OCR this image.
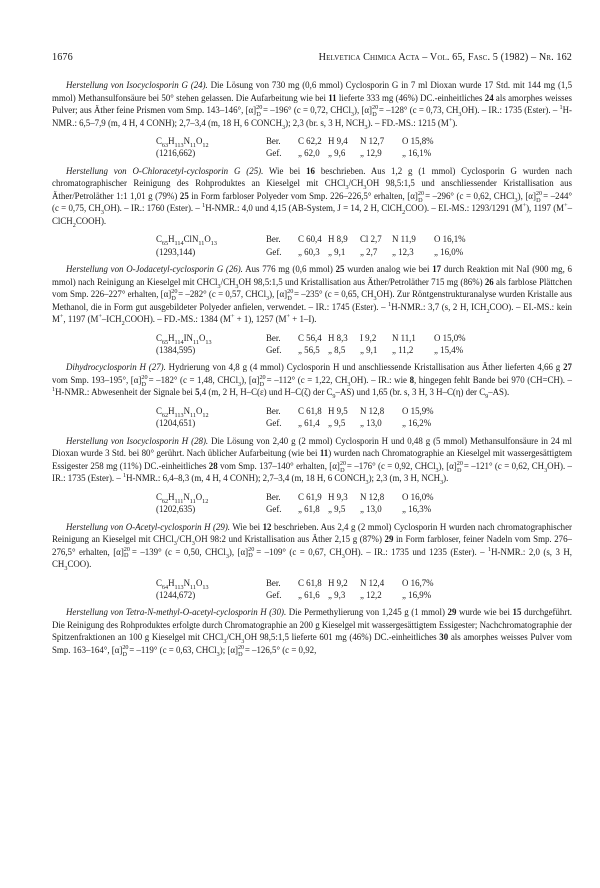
1676	Helvetica Chimica Acta – Vol. 65, Fasc. 5 (1982) – Nr. 162

Herstellung von Isocyclosporin G (24). Die Lösung von 730 mg (0,6 mmol) Cyclosporin G in 7 ml Dioxan wurde 17 Std. mit 144 mg (1,5 mmol) Methansulfonsäure bei 50° stehen gelassen. Die Aufarbeitung wie bei 11 lieferte 333 mg (46%) DC.-einheitliches 24 als amorphes weisses Pulver; aus Äther feine Prismen vom Smp. 143–146°, $[\alpha]^{20}_D = -196^\circ$ (c = 0,72, CHCl$_3$), $[\alpha]^{20}_D = -128^\circ$ (c = 0,73, $CH_3OH$). – IR.: 1735 (Ester). – $^1$H-NMR.: 6,5–7,9 (m, 4 H, 4 CONH); 2,7–3,4 (m, 18 H, 6 $CONCH_3$); 2,3 (br. s, 3 H, $NCH_3$). – FD.-MS.: 1215 (M+).

$C_{63}H_{113}N_{11}O_{12}$	Ber.	C 62,2 H 9,4	N 12,7	O 15,8%
(1216,662)	Gef.	„ 62,0 „ 9,6	„ 12,9	„ 16,1%

Herstellung von O-Chloracetyl-cyclosporin G (25). Wie bei 16 beschrieben. Aus 1,2 g (1 mmol) Cyclosporin G wurden nach chromatographischer Reinigung des Rohproduktes an Kieselgel mit $CHCl_3/CH_3OH$ 98,5:1,5 und anschliessender Kristallisation aus Äther/Petroläther 1:1 1,01 g (79%) 25 in Form farbloser Polyeder vom Smp. 226–226,5° erhalten, $[\alpha]^{20}_D = -296^\circ$ (c = 0,62, CHCl$_3$), $[\alpha]^{20}_D = -244^\circ$ (c = 0,75, $CH_3OH$). – IR.: 1760 (Ester). – $^1$H-NMR.: 4,0 und 4,15 (AB-System, J = 14, 2 H, ClCH$_2$COO). – EI.-MS.: 1293/1291 (M+), 1197 (M+–ClCH$_2$COOH).

$C_{65}H_{114}ClN_{11}O_{13}$	Ber.	C 60,4 H 8,9	Cl 2,7	N 11,9	O 16,1%
(1293,144)	Gef.	„ 60,3 „ 9,1	„ 2,7	„ 12,3	„ 16,0%

Herstellung von O-Jodacetyl-cyclosporin G (26). Aus 776 mg (0,6 mmol) 25 wurden analog wie bei 17 durch Reaktion mit NaI (900 mg, 6 mmol) nach Reinigung an Kieselgel mit $CHCl_3/CH_3OH$ 98,5:1,5 und Kristallisation aus Äther/Petroläther 715 mg (86%) 26 als farblose Plättchen vom Smp. 226–227° erhalten, $[\alpha]^{20}_D = -282^\circ$ (c = 0,57, CHCl$_3$), $[\alpha]^{20}_D = -235^\circ$ (c = 0,65, $CH_3OH$). Zur Röntgenstrukturanalyse wurden Kristalle aus Methanol, die in Form gut ausgebildeter Polyeder anfielen, verwendet. – IR.: 1745 (Ester). – $^1$H-NMR.: 3,7 (s, 2 H, $ICH_2COO$). – EI.-MS.: kein M+, 1197 $(M^+-ICH_2COOH)$. – FD.-MS.: 1384 (M+ + 1), 1257 (M+ + 1–I).

$C_{65}H_{114}IN_{11}O_{13}$	Ber.	C 56,4 H 8,3	I 9,2	N 11,1	O 15,0%
(1384,595)	Gef.	„ 56,5 „ 8,5	„ 9,1	„ 11,2	„ 15,4%

Dihydrocyclosporin H (27). Hydrierung von 4,8 g (4 mmol) Cyclosporin H und anschliessende Kristallisation aus Äther lieferten 4,66 g 27 vom Smp. 193–195°, $[\alpha]^{20}_D = -182^\circ$ (c = 1,48, CHCl$_3$), $[\alpha]^{20}_D = -112^\circ$ (c = 1,22, $CH_3OH$). – IR.: wie 8, hingegen fehlt Bande bei 970 (CH=CH). – $^1$H-NMR.: Abwesenheit der Signale bei 5,4 (m, 2 H, H–C(ε) und H–C(ζ) der $C_9-AS$) und 1,65 (br. s, 3 H, 3 H–C(η) der $C_9-AS$).

$C_{62}H_{113}N_{11}O_{12}$	Ber.	C 61,8 H 9,5	N 12,8	O 15,9%
(1204,651)	Gef.	„ 61,4 „ 9,5	„ 13,0	„ 16,2%

Herstellung von Isocyclosporin H (28). Die Lösung von 2,40 g (2 mmol) Cyclosporin H und 0,48 g (5 mmol) Methansulfonsäure in 24 ml Dioxan wurde 3 Std. bei 80° gerührt. Nach üblicher Aufarbeitung (wie bei 11) wurden nach Chromatographie an Kieselgel mit wassergesättigtem Essigester 258 mg (11%) DC.-einheitliches 28 vom Smp. 137–140° erhalten, $[\alpha]^{20}_D = -176^\circ$ (c = 0,92, CHCl$_3$), $[\alpha]^{20}_D = -121^\circ$ (c = 0,62, $CH_3OH$). – IR.: 1735 (Ester). – $^1$H-NMR.: 6,4–8,3 (m, 4 H, 4 CONH); 2,7–3,4 (m, 18 H, 6 $CONCH_3$); 2,3 (m, 3 H, $NCH_3$).

$C_{62}H_{111}N_{11}O_{12}$	Ber.	C 61,9 H 9,3	N 12,8	O 16,0%
(1202,635)	Gef.	„ 61,8 „ 9,5	„ 13,0	„ 16,3%

Herstellung von O-Acetyl-cyclosporin H (29). Wie bei 12 beschrieben. Aus 2,4 g (2 mmol) Cyclosporin H wurden nach chromatographischer Reinigung an Kieselgel mit $CHCl_3/CH_3OH$ 98:2 und Kristallisation aus Äther 2,15 g (87%) 29 in Form farbloser, feiner Nadeln vom Smp. 276–276,5° erhalten, $[\alpha]^{20}_D = -139^\circ$ (c = 0,50, CHCl$_3$), $[\alpha]^{20}_D = -109^\circ$ (c = 0,67, $CH_3OH$). – IR.: 1735 und 1235 (Ester). – $^1$H-NMR.: 2,0 (s, 3 H, $CH_3COO$).

$C_{64}H_{113}N_{11}O_{13}$	Ber.	C 61,8 H 9,2	N 12,4	O 16,7%
(1244,672)	Gef.	„ 61,6 „ 9,3	„ 12,2	„ 16,9%

Herstellung von Tetra-N-methyl-O-acetyl-cyclosporin H (30). Die Permethylierung von 1,245 g (1 mmol) 29 wurde wie bei 15 durchgeführt. Die Reinigung des Rohproduktes erfolgte durch Chromatographie an 200 g Kieselgel mit wassergesättigtem Essigester; Nachchromatographie der Spitzenfraktionen an 100 g Kieselgel mit $CHCl_3/CH_3OH$ 98,5:1,5 lieferte 601 mg (46%) DC.-einheitliches 30 als amorphes weisses Pulver vom Smp. 163–164°, $[\alpha]^{20}_D = -119^\circ$ (c = 0,63, CHCl$_3$); $[\alpha]^{20}_D = -126,5^\circ$ (c = 0,92,
